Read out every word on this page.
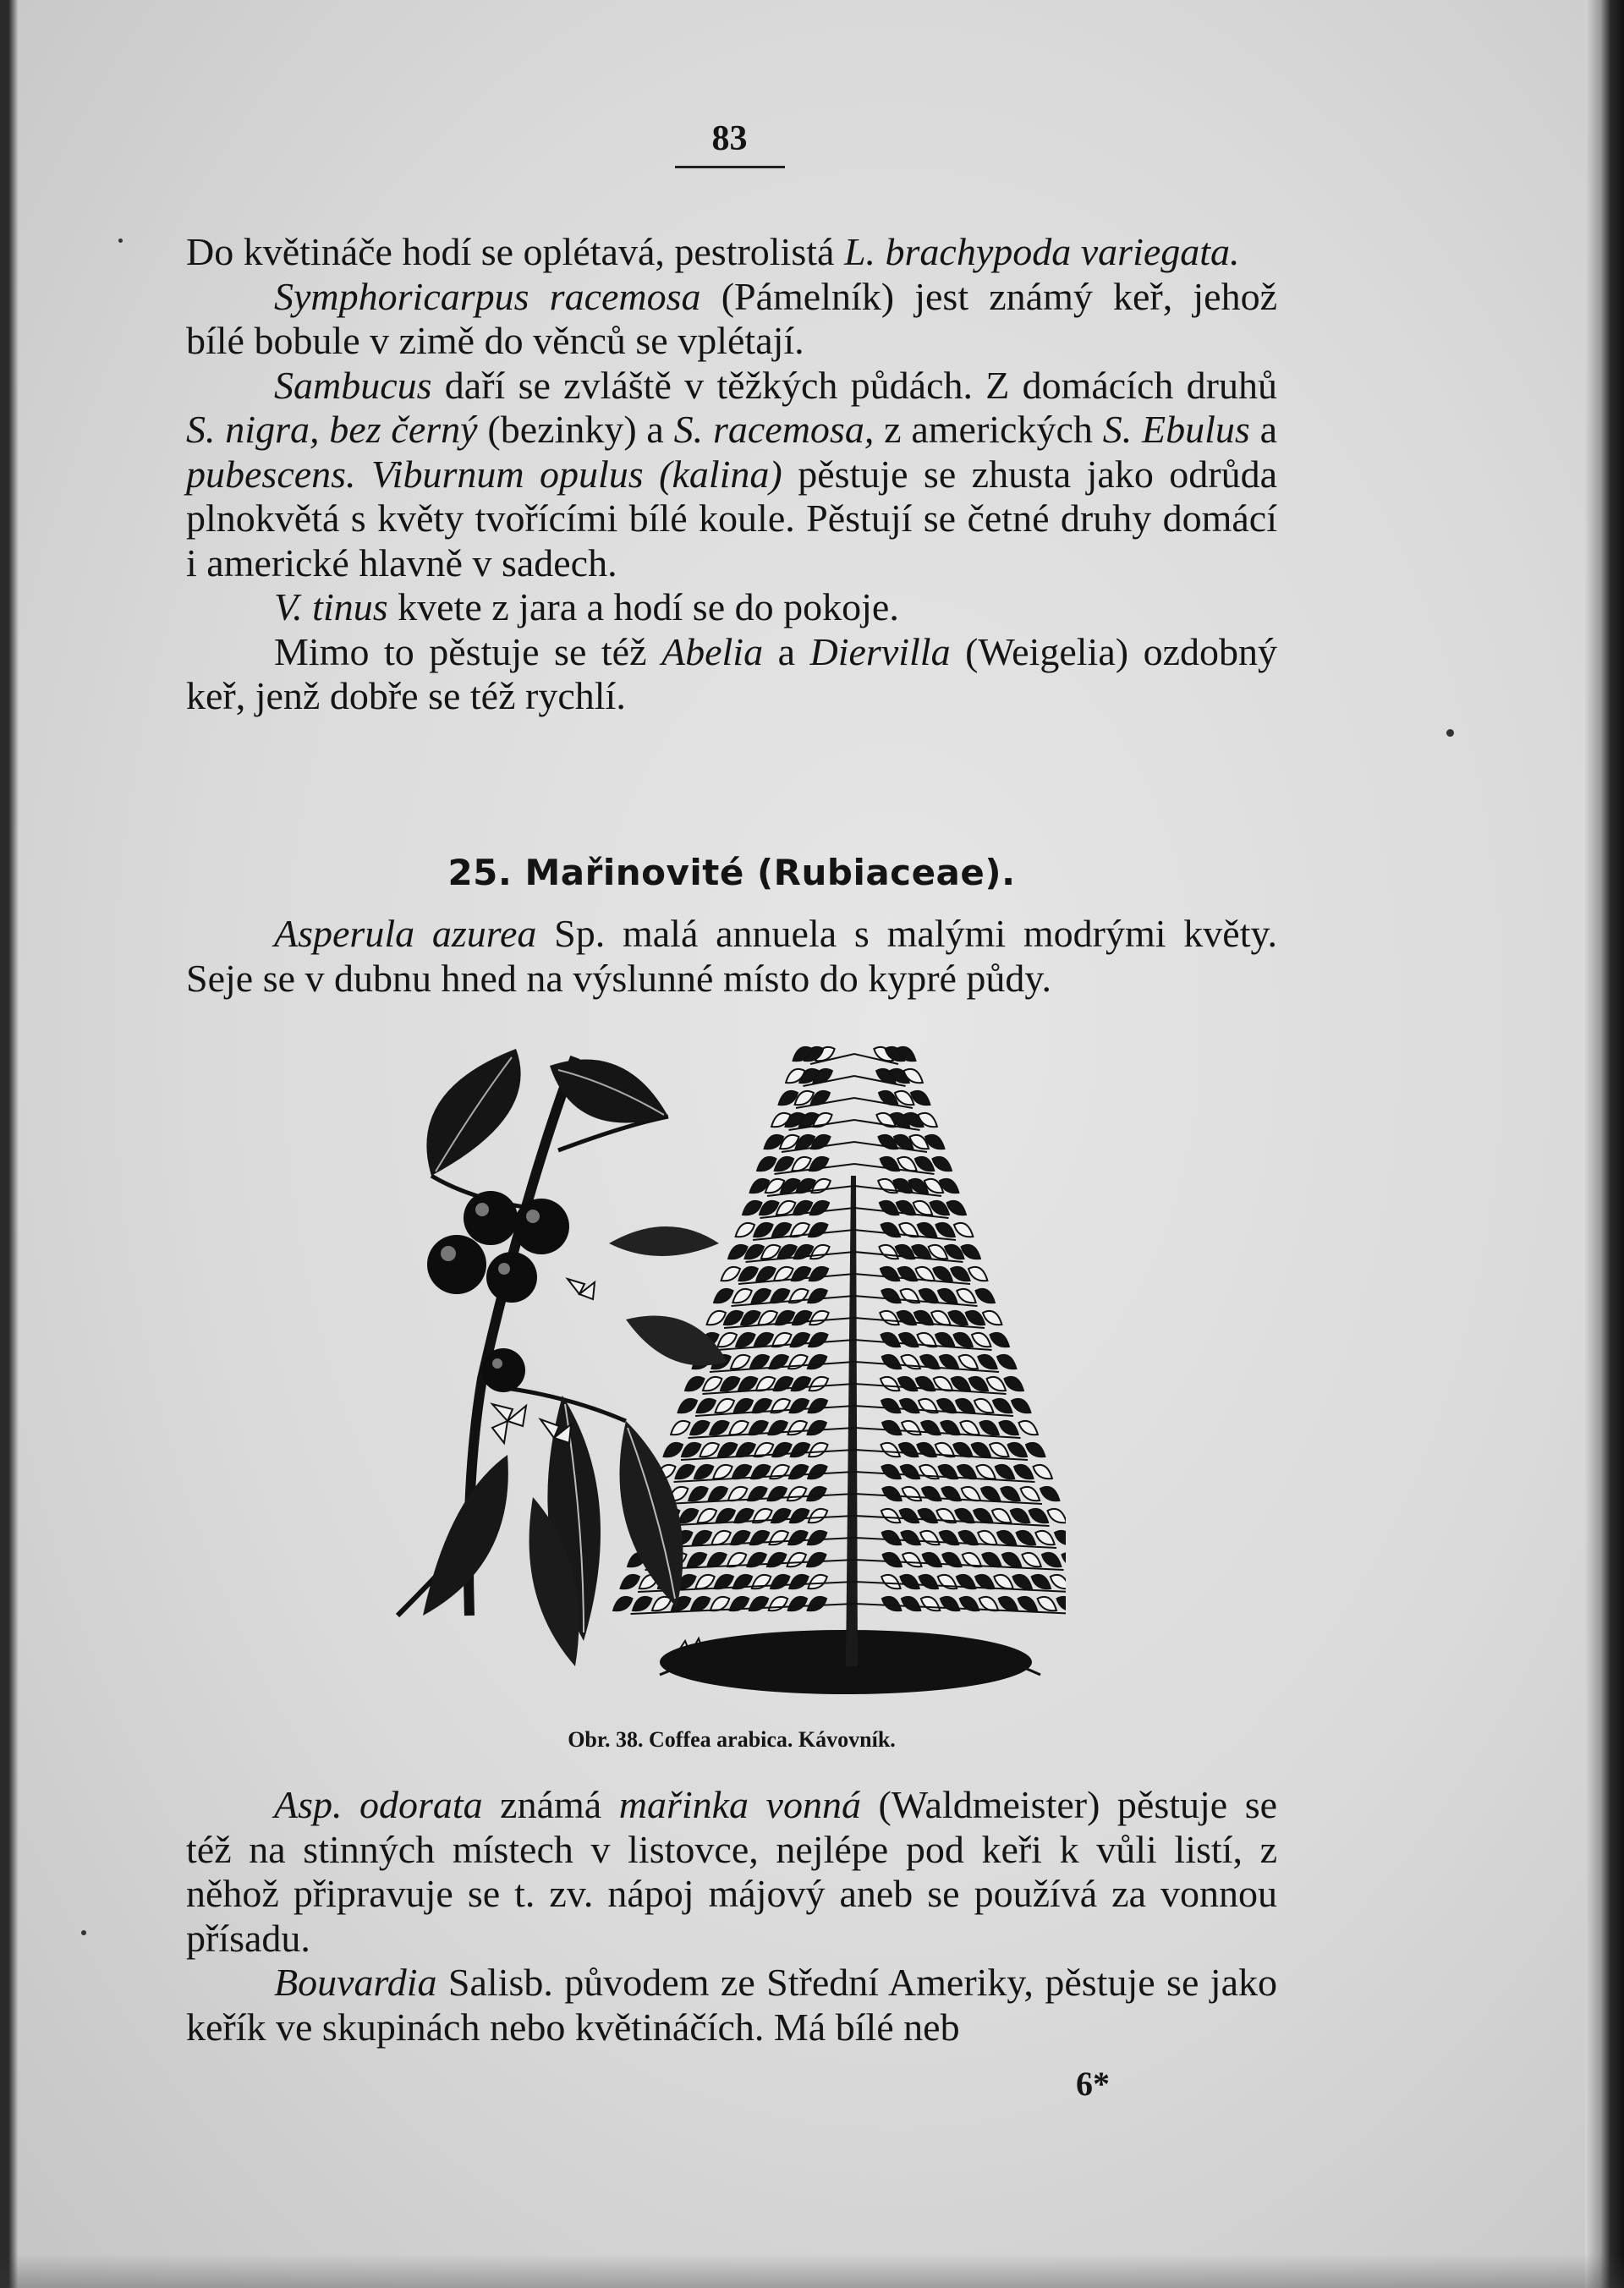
83

Do květináče hodí se oplétavá, pestrolistá L. brachypoda variegata.

Symphoricarpus racemosa (Pámelník) jest známý keř, jehož bílé bobule v zimě do věnců se vplétají.

Sambucus daří se zvláště v těžkých půdách. Z domácích druhů S. nigra, bez černý (bezinky) a S. racemosa, z amerických S. Ebulus a pubescens. Viburnum opulus (kalina) pěstuje se zhusta jako odrůda plnokvětá s květy tvořícími bílé koule. Pěstují se četné druhy domácí i americké hlavně v sadech.

V. tinus kvete z jara a hodí se do pokoje.

Mimo to pěstuje se též Abelia a Diervilla (Weigelia) ozdobný keř, jenž dobře se též rychlí.

25. Mařinovité (Rubiaceae).

Asperula azurea Sp. malá annuela s malými modrými květy. Seje se v dubnu hned na výslunné místo do kypré půdy.

Obr. 38. Coffea arabica. Kávovník.

Asp. odorata známá mařinka vonná (Waldmeister) pěstuje se též na stinných místech v listovce, nejlépe pod keři k vůli listí, z něhož připravuje se t. zv. nápoj májový aneb se používá za vonnou přísadu.

Bouvardia Salisb. původem ze Střední Ameriky, pěstuje se jako keřík ve skupinách nebo květináčích. Má bílé neb

6*
